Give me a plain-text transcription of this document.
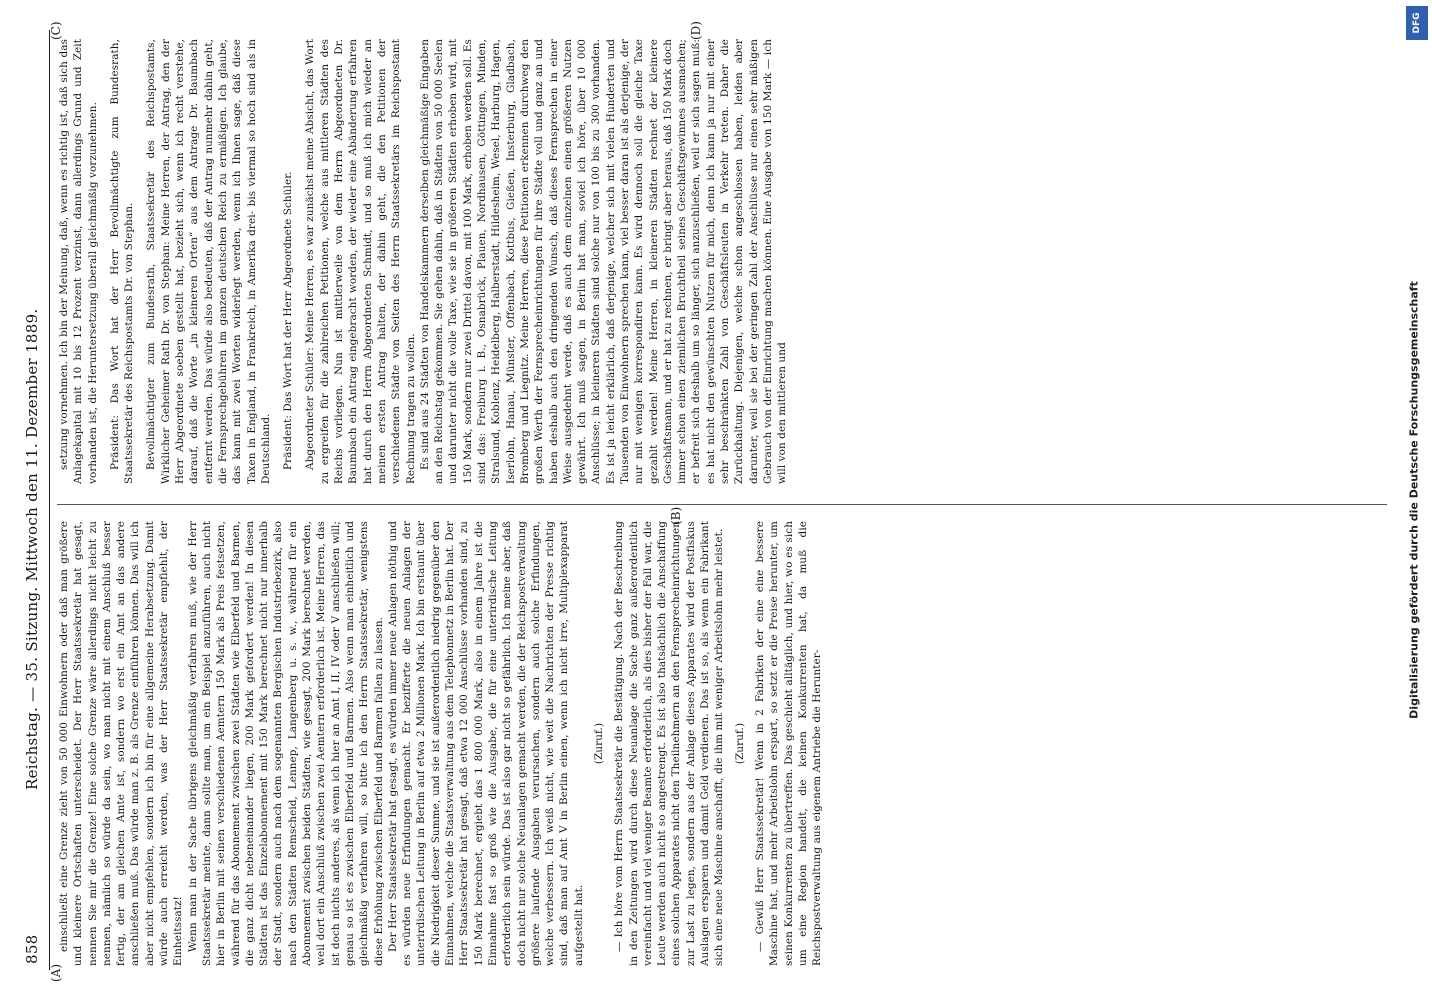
858
Reichstag. — 35. Sitzung. Mittwoch den 11. Dezember 1889.
(A)
(B)
(C)	(D)

einschließt eine Grenze zieht von 50 000 Einwohnern oder daß man größere und kleinere Ortschaften unterscheidet. Der Herr Staatssekretär hat gesagt, nennen Sie mir die Grenze! Eine solche Grenze wäre allerdings nicht leicht zu nennen, nämlich so würde da sein, wo man nicht mit einem Anschluß besser fertig, der am gleichen Amte ist, sondern wo erst ein Amt an das andere anschließen muß. Das würde man z. B. als Grenze einführen können. Das will ich aber nicht empfehlen, sondern ich bin für eine allgemeine Herabsetzung. Damit würde auch erreicht werden, was der Herr Staatssekretär empfiehlt, der Einheitssatz! Wenn man in der Sache übrigens gleichmäßig verfahren muß, wie der Herr Staatssekretär meinte, dann sollte man, um ein Beispiel anzuführen, auch nicht hier in Berlin mit seinen verschiedenen Aemtern 150 Mark als Preis festsetzen, während für das Abonnement zwischen zwei Städten wie Elberfeld und Barmen, die ganz dicht nebeneinander liegen, 200 Mark gefordert werden! In diesen Städten ist das Einzelabonnement mit 150 Mark berechnet nicht nur innerhalb der Stadt, sondern auch nach dem sogenannten Bergischen Industriebezirk, also nach den Städten Remscheid, Lennep, Langenberg u. s. w., während für ein Abonnement zwischen beiden Städten, wie gesagt, 200 Mark berechnet werden, weil dort ein Anschluß zwischen zwei Aemtern erforderlich ist. Meine Herren, das ist doch nichts anderes, als wenn ich hier an Amt I, II, IV oder V anschließen will; genau so ist es zwischen Elberfeld und Barmen. Also wenn man einheitlich und gleichmäßig verfahren will, so bitte ich den Herrn Staatssekretär, wenigstens diese Erhöhung zwischen Elberfeld und Barmen fallen zu lassen. Der Herr Staatssekretär hat gesagt, es würden immer neue Anlagen nöthig und es würden neue Erfindungen gemacht. Er bezifferte die neuen Anlagen der unterirdischen Leitung in Berlin auf etwa 2 Millionen Mark. Ich bin erstaunt über die Niedrigkeit dieser Summe, und sie ist außerordentlich niedrig gegenüber den Einnahmen, welche die Staatsverwaltung aus dem Telephonnetz in Berlin hat. Der Herr Staatssekretär hat gesagt, daß etwa 12 000 Anschlüsse vorhanden sind, zu 150 Mark berechnet, ergiebt das 1 800 000 Mark, also in einem Jahre ist die Einnahme fast so groß wie die Ausgabe, die für eine unterirdische Leitung erforderlich sein würde. Das ist also gar nicht so gefährlich. Ich meine aber, daß doch nicht nur solche Neuanlagen gemacht werden, die der Reichspostverwaltung größere laufende Ausgaben verursachen, sondern auch solche Erfindungen, welche verbessern. Ich weiß nicht, wie weit die Nachrichten der Presse richtig sind, daß man auf Amt V in Berlin einen, wenn ich nicht irre, Multiplexapparat aufgestellt hat.

(Zuruf.) — Ich höre vom Herrn Staatssekretär die Bestätigung. Nach der Beschreibung in den Zeitungen wird durch diese Neuanlage die Sache ganz außerordentlich vereinfacht und viel weniger Beamte erforderlich, als dies bisher der Fall war, die Leute werden auch nicht so angestrengt. Es ist also thatsächlich die Anschaffung eines solchen Apparates nicht den Theilnehmern an den Fernsprecheinrichtungen zur Last zu legen, sondern aus der Anlage dieses Apparates wird der Postfiskus Auslagen ersparen und damit Geld verdienen. Das ist so, als wenn ein Fabrikant sich eine neue Maschine anschafft, die ihm mit weniger Arbeitslohn mehr leistet. (Zuruf.) — Gewiß Herr Staatssekretär! Wenn in 2 Fabriken der eine eine bessere Maschine hat, und mehr Arbeitslohn erspart, so setzt er die Preise herunter, um seinen Konkurrenten zu übertreffen. Das geschieht alltäglich, und hier, wo es sich um eine Region handelt, die keinen Konkurrenten hat, da muß die Reichspostverwaltung aus eigenem Antriebe die Herunter-

setzung vornehmen. Ich bin der Meinung, daß, wenn es richtig ist, daß sich das Anlagekapital mit 10 bis 12 Prozent verzinst, dann allerdings Grund und Zeit vorhanden ist, die Heruntersetzung überall gleichmäßig vorzunehmen. Präsident: Das Wort hat der Herr Bevollmächtigte zum Bundesrath, Staatssekretär des Reichspostamts Dr. von Stephan. Bevollmächtigter zum Bundesrath, Staatssekretär des Reichspostamts, Wirklicher Geheimer Rath Dr. von Stephan: Meine Herren, der Antrag, den der Herr Abgeordnete soeben gestellt hat, bezieht sich, wenn ich recht verstehe, darauf, daß die Worte „in kleineren Orten“ aus dem Antrage Dr. Baumbach entfernt werden. Das würde also bedeuten, daß der Antrag nunmehr dahin geht, die Fernsprechgebühren im ganzen deutschen Reich zu ermäßigen. Ich glaube, das kann mit zwei Worten widerlegt werden, wenn ich Ihnen sage, daß diese Taxen in England, in Frankreich, in Amerika drei- bis viermal so hoch sind als in Deutschland. Präsident: Das Wort hat der Herr Abgeordnete Schüler. Abgeordneter Schüler: Meine Herren, es war zunächst meine Absicht, das Wort zu ergreifen für die zahlreichen Petitionen, welche aus mittleren Städten des Reichs vorliegen. Nun ist mittlerweile von dem Herrn Abgeordneten Dr. Baumbach ein Antrag eingebracht worden, der wieder eine Abänderung erfahren hat durch den Herrn Abgeordneten Schmidt, und so muß ich mich wieder an meinen ersten Antrag halten, der dahin geht, die den Petitionen der verschiedenen Städte von Seiten des Herrn Staatssekretärs im Reichspostamt Rechnung tragen zu wollen. Es sind aus 24 Städten von Handelskammern derselben gleichmäßige Eingaben an den Reichstag gekommen. Sie gehen dahin, daß in Städten von 50 000 Seelen und darunter nicht die volle Taxe, wie sie in größeren Städten erhoben wird, mit 150 Mark, sondern nur zwei Drittel davon, mit 100 Mark, erhoben werden soll. Es sind das: Freiburg i. B., Osnabrück, Plauen, Nordhausen, Göttingen, Minden, Stralsund, Koblenz, Heidelberg, Halberstadt, Hildesheim, Wesel, Harburg, Hagen, Iserlohn, Hanau, Münster, Offenbach, Kottbus, Gießen, Insterburg, Gladbach, Bromberg und Liegnitz. Meine Herren, diese Petitionen erkennen durchweg den großen Werth der Fernsprecheinrichtungen für ihre Städte voll und ganz an und haben deshalb auch den dringenden Wunsch, daß dieses Fernsprechen in einer Weise ausgedehnt werde, daß es auch dem einzelnen einen größeren Nutzen gewährt. Ich muß sagen, in Berlin hat man, soviel ich höre, über 10 000 Anschlüsse; in kleineren Städten sind solche nur von 100 bis zu 300 vorhanden. Es ist ja leicht erklärlich, daß derjenige, welcher sich mit vielen Hunderten und Tausenden von Einwohnern sprechen kann, viel besser daran ist als derjenige, der nur mit wenigen korrespondiren kann. Es wird dennoch soll die gleiche Taxe gezahlt werden! Meine Herren, in kleineren Städten rechnet der kleinere Geschäftsmann, und er hat zu rechnen, er bringt aber heraus, daß 150 Mark doch immer schon einen ziemlichen Bruchtheil seines Geschäftsgewinnes ausmachen; er befreit sich deshalb um so länger, sich anzuschließen, weil er sich sagen muß: es hat nicht den gewünschten Nutzen für mich, denn ich kann ja nur mit einer sehr beschränkten Zahl von Geschäftsleuten in Verkehr treten. Daher die Zurückhaltung. Diejenigen, welche schon angeschlossen haben, leiden aber darunter, weil sie bei der geringen Zahl der Anschlüsse nur einen sehr mäßigen Gebrauch von der Einrichtung machen können. Eine Ausgabe von 150 Mark — ich will von den mittleren und

DFG
Digitalisierung gefördert durch die Deutsche Forschungsgemeinschaft
